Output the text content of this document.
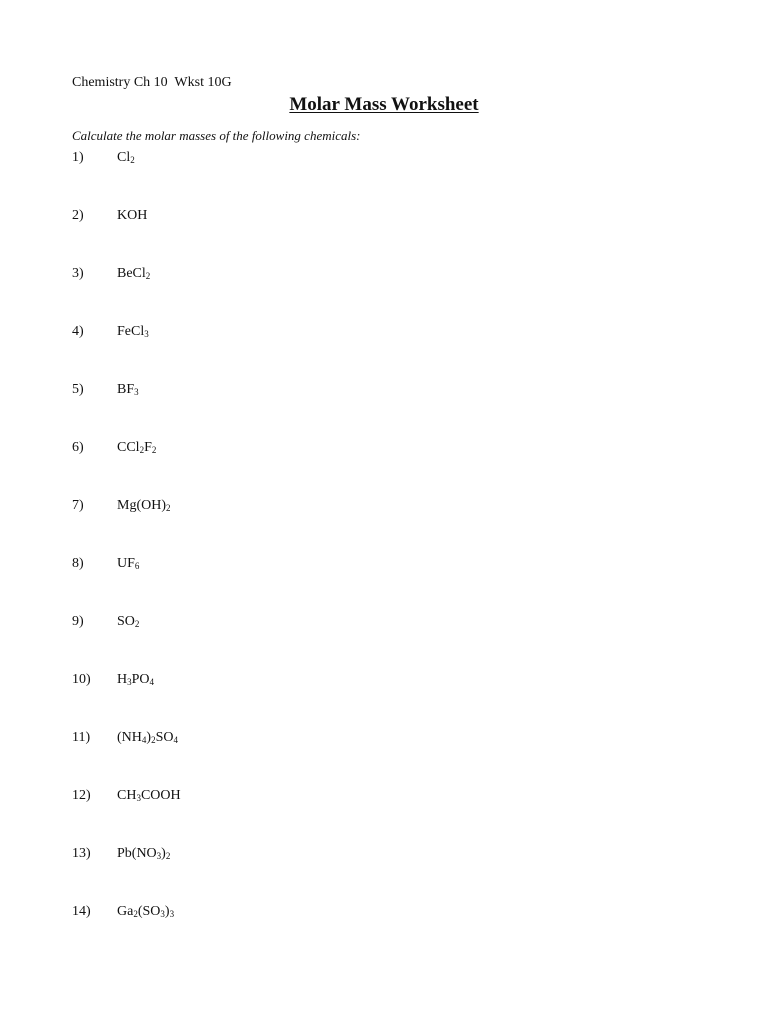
Chemistry Ch 10  Wkst 10G
Molar Mass Worksheet
Calculate the molar masses of the following chemicals:
1) $Cl_2$
2) KOH
3) BeCl$_2$
4) FeCl$_3$
5) $BF_3$
6) $CCl_2F_2$
7) $Mg(OH)_2$
8) $UF_6$
9) $SO_2$
10) $H_3PO_4$
11) $(NH_4)_2SO_4$
12) $CH_3COOH$
13) $Pb(NO_3)_2$
14) $Ga_2(SO_3)_3$
